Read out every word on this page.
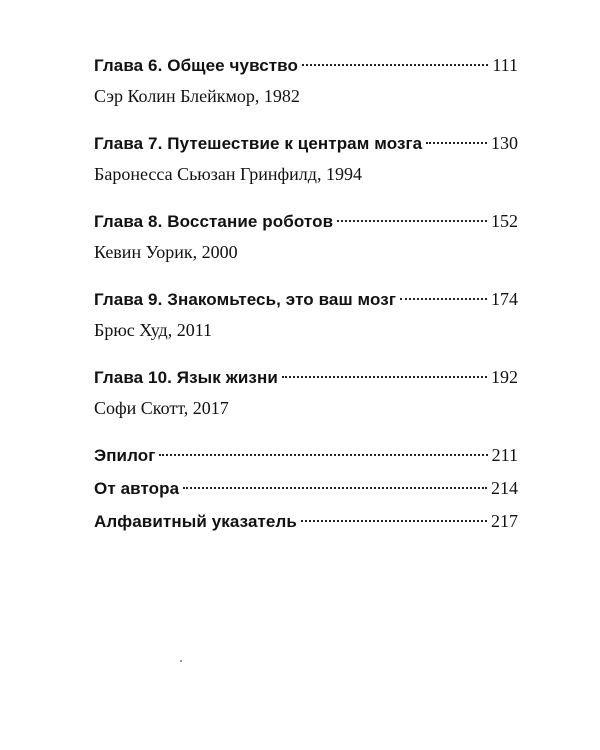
Глава 6. Общее чувство	111
Сэр Колин Блейкмор, 1982
Глава 7. Путешествие к центрам мозга	130
Баронесса Сьюзан Гринфилд, 1994
Глава 8. Восстание роботов	152
Кевин Уорик, 2000
Глава 9. Знакомьтесь, это ваш мозг	174
Брюс Худ, 2011
Глава 10. Язык жизни	192
Софи Скотт, 2017
Эпилог	211
От автора	214
Алфавитный указатель	217
